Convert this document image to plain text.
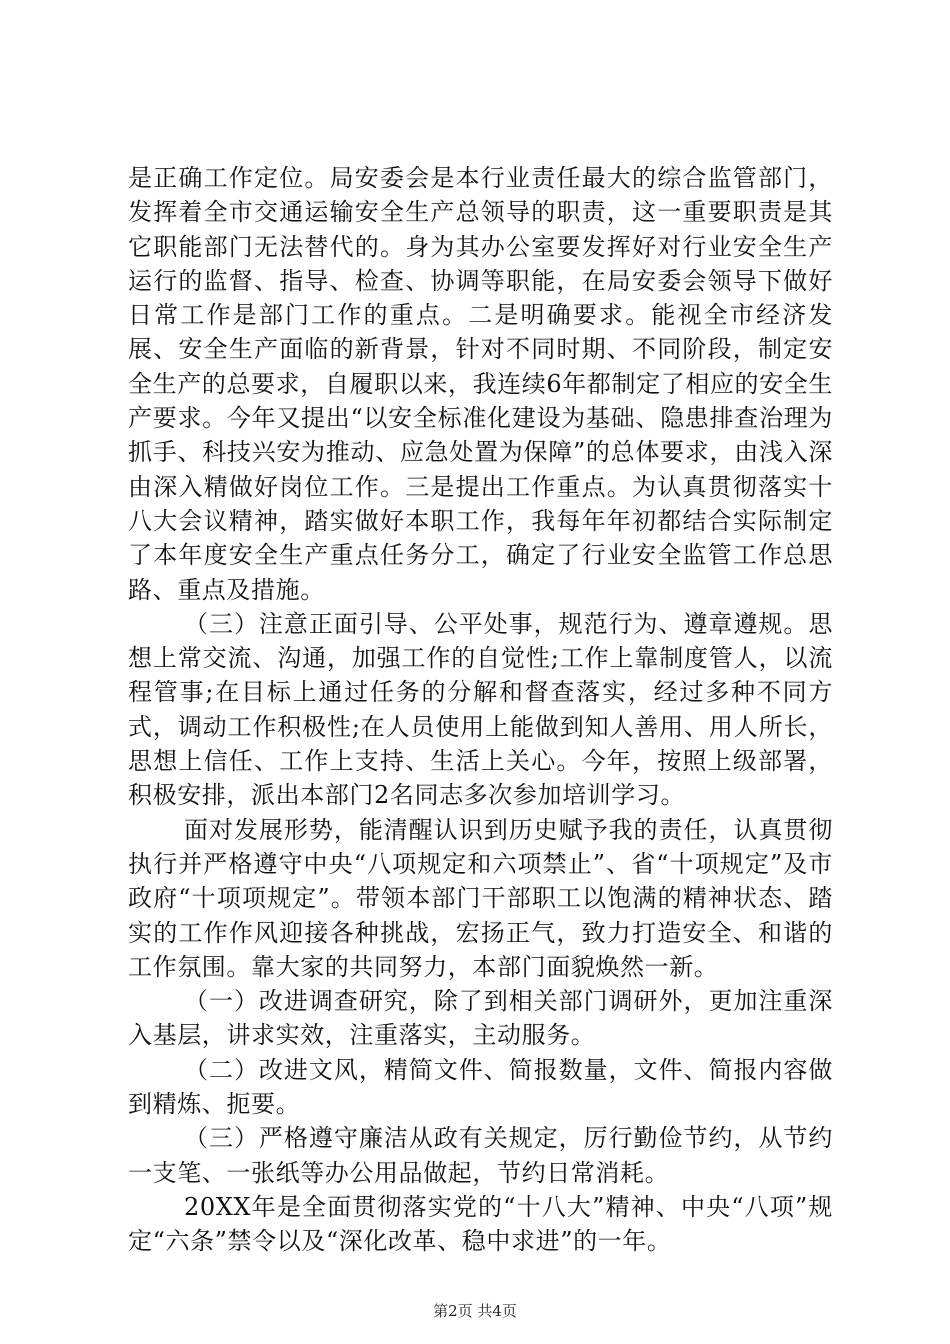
是正确工作定位。局安委会是本行业责任最大的综合监管部门，发挥着全市交通运输安全生产总领导的职责，这一重要职责是其它职能部门无法替代的。身为其办公室要发挥好对行业安全生产运行的监督、指导、检查、协调等职能，在局安委会领导下做好日常工作是部门工作的重点。二是明确要求。能视全市经济发展、安全生产面临的新背景，针对不同时期、不同阶段，制定安全生产的总要求，自履职以来，我连续6年都制定了相应的安全生产要求。今年又提出“以安全标准化建设为基础、隐患排查治理为抓手、科技兴安为推动、应急处置为保障”的总体要求，由浅入深由深入精做好岗位工作。三是提出工作重点。为认真贯彻落实十八大会议精神，踏实做好本职工作，我每年年初都结合实际制定了本年度安全生产重点任务分工，确定了行业安全监管工作总思路、重点及措施。

（三）注意正面引导、公平处事，规范行为、遵章遵规。思想上常交流、沟通，加强工作的自觉性;工作上靠制度管人，以流程管事;在目标上通过任务的分解和督查落实，经过多种不同方式，调动工作积极性;在人员使用上能做到知人善用、用人所长，思想上信任、工作上支持、生活上关心。今年，按照上级部署，积极安排，派出本部门2名同志多次参加培训学习。

面对发展形势，能清醒认识到历史赋予我的责任，认真贯彻执行并严格遵守中央“八项规定和六项禁止”、省“十项规定”及市政府“十项项规定”。带领本部门干部职工以饱满的精神状态、踏实的工作作风迎接各种挑战，宏扬正气，致力打造安全、和谐的工作氛围。靠大家的共同努力，本部门面貌焕然一新。

（一）改进调查研究，除了到相关部门调研外，更加注重深入基层，讲求实效，注重落实，主动服务。

（二）改进文风，精简文件、简报数量，文件、简报内容做到精炼、扼要。

（三）严格遵守廉洁从政有关规定，厉行勤俭节约，从节约一支笔、一张纸等办公用品做起，节约日常消耗。

20XX年是全面贯彻落实党的“十八大”精神、中央“八项”规定“六条”禁令以及“深化改革、稳中求进”的一年。

第2页 共4页
